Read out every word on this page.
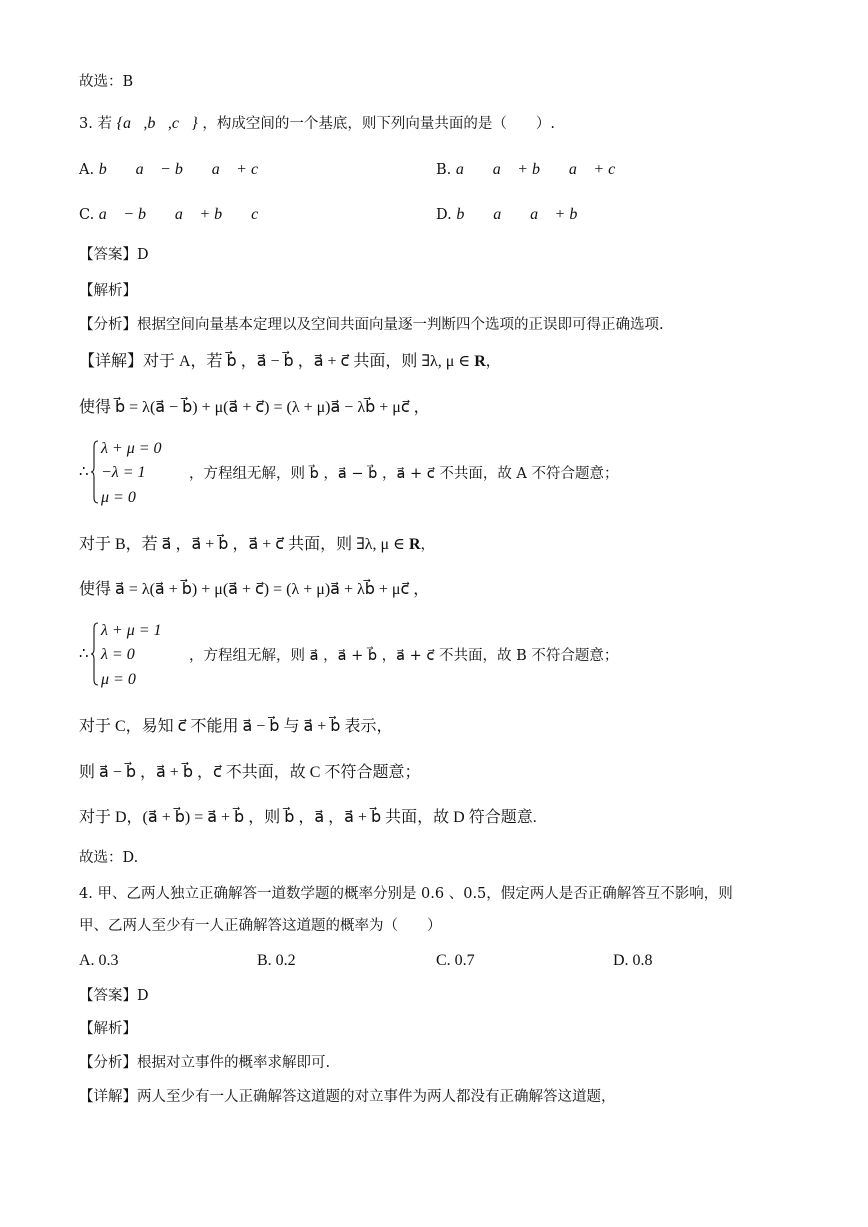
故选：B
3. 若 {a⃗,b⃗,c⃗} ，构成空间的一个基底，则下列向量共面的是（　　）.
A. b⃗ ，a⃗ − b⃗ ，a⃗ + c⃗	B. a⃗ ，a⃗ + b⃗ ，a⃗ + c⃗
C. a⃗ − b⃗ ，a⃗ + b⃗ ，c⃗	D. b⃗ ，a⃗ ，a⃗ + b⃗
【答案】D
【解析】
【分析】根据空间向量基本定理以及空间共面向量逐一判断四个选项的正误即可得正确选项.
【详解】对于 A，若 b⃗ ，a⃗ − b⃗ ，a⃗ + c⃗ 共面，则 ∃λ, μ ∈ R，
使得 b⃗ = λ(a⃗ − b⃗) + μ(a⃗ + c⃗) = (λ + μ)a⃗ − λb⃗ + μc⃗ ，
∴
λ + μ = 0
−λ = 1
μ = 0
，方程组无解，则 b⃗ ，a⃗ − b⃗ ，a⃗ + c⃗ 不共面，故 A 不符合题意；
对于 B，若 a⃗ ，a⃗ + b⃗ ，a⃗ + c⃗ 共面，则 ∃λ, μ ∈ R，
使得 a⃗ = λ(a⃗ + b⃗) + μ(a⃗ + c⃗) = (λ + μ)a⃗ + λb⃗ + μc⃗ ，
∴
λ + μ = 1
λ = 0
μ = 0
，方程组无解，则 a⃗ ，a⃗ + b⃗ ，a⃗ + c⃗ 不共面，故 B 不符合题意；
对于 C，易知 c⃗ 不能用 a⃗ − b⃗ 与 a⃗ + b⃗ 表示，
则 a⃗ − b⃗ ，a⃗ + b⃗ ，c⃗ 不共面，故 C 不符合题意；
对于 D，(a⃗ + b⃗) = a⃗ + b⃗ ，则 b⃗ ，a⃗ ，a⃗ + b⃗ 共面，故 D 符合题意.
故选：D.
4. 甲、乙两人独立正确解答一道数学题的概率分别是 0.6 、0.5，假定两人是否正确解答互不影响，则
甲、乙两人至少有一人正确解答这道题的概率为（　　）
A. 0.3	B. 0.2	C. 0.7	D. 0.8
【答案】D
【解析】
【分析】根据对立事件的概率求解即可.
【详解】两人至少有一人正确解答这道题的对立事件为两人都没有正确解答这道题，
